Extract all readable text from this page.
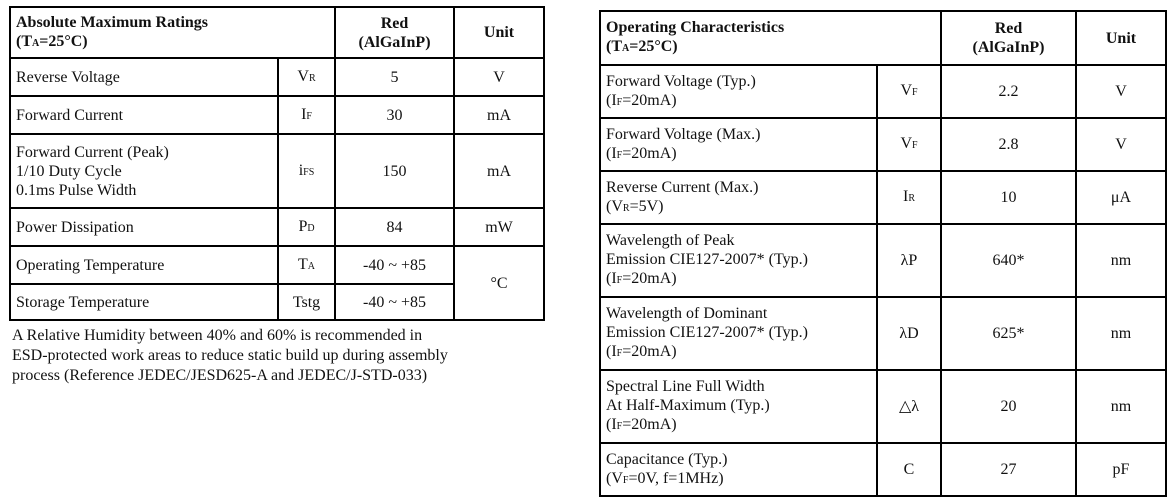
Absolute Maximum Ratings
(TA=25°C)		Red
(AlGaInP)	Unit
Reverse Voltage	VR	5	V
Forward Current	IF	30	mA

Forward Current (Peak)
1/10 Duty Cycle
0.1ms Pulse Width	iFS	150	mA
Power Dissipation	PD	84	mW
Operating Temperature	TA	-40 ~ +85	°C
Storage Temperature	Tstg	-40 ~ +85	
A Relative Humidity between 40% and 60% is recommended in
ESD-protected work areas to reduce static build up during assembly
process (Reference JEDEC/JESD625-A and JEDEC/J-STD-033)
Operating Characteristics
(TA=25°C)		Red
(AlGaInP)	Unit

Forward Voltage (Typ.)
(IF=20mA)	VF	2.2	V

Forward Voltage (Max.)
(IF=20mA)	VF	2.8	V

Reverse Current (Max.)
(VR=5V)	IR	10	μA

Wavelength of Peak
Emission CIE127-2007* (Typ.)
(IF=20mA)	λP	640*	nm

Wavelength of Dominant
Emission CIE127-2007* (Typ.)
(IF=20mA)	λD	625*	nm

Spectral Line Full Width
At Half-Maximum (Typ.)
(IF=20mA)	△λ	20	nm

Capacitance (Typ.)
(VF=0V, f=1MHz)	C	27	pF
